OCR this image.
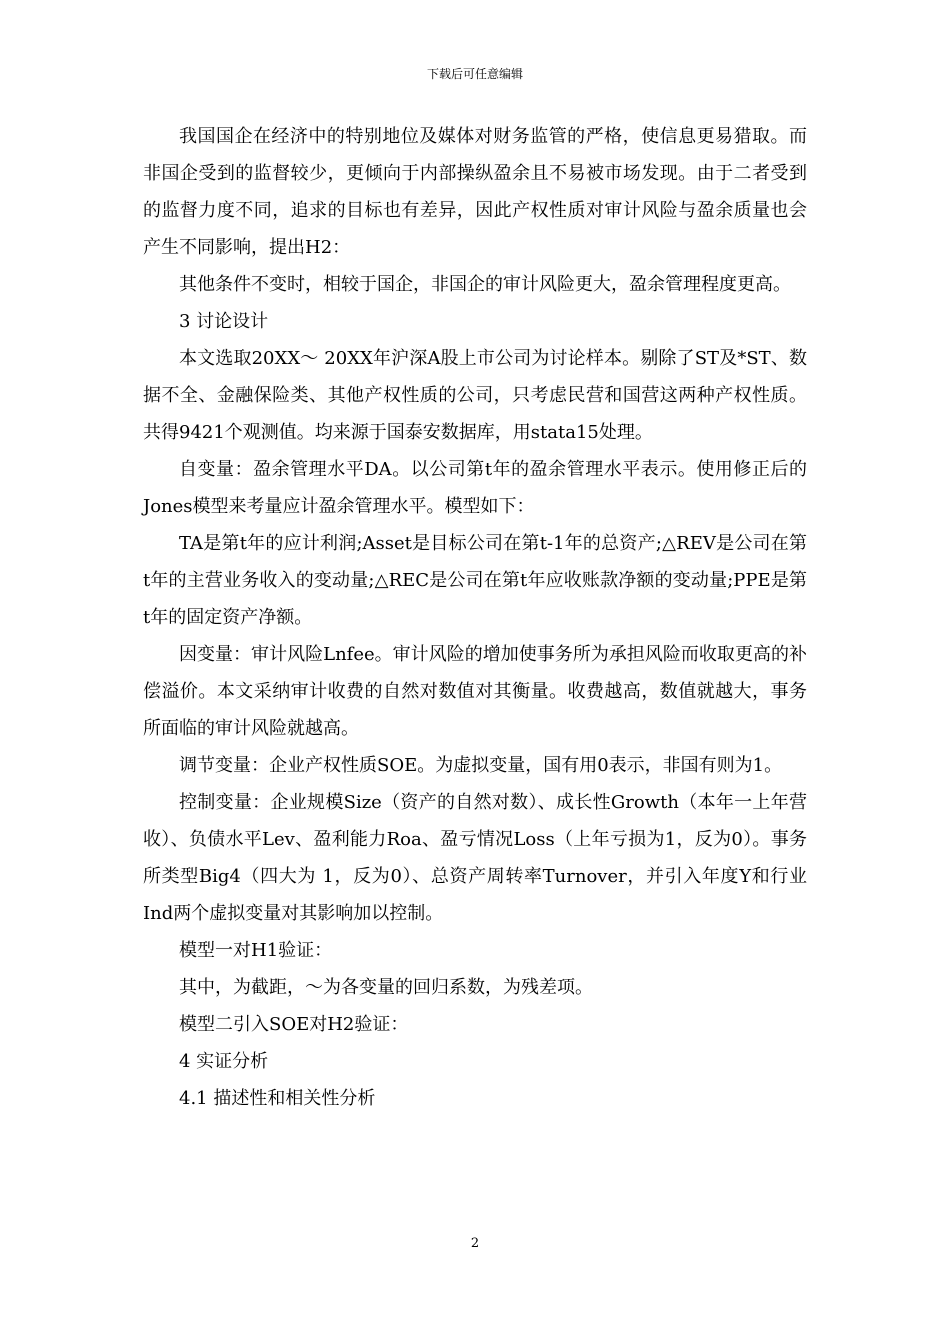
下载后可任意编辑

我国国企在经济中的特别地位及媒体对财务监管的严格，使信息更易猎取。而非国企受到的监督较少，更倾向于内部操纵盈余且不易被市场发现。由于二者受到的监督力度不同，追求的目标也有差异，因此产权性质对审计风险与盈余质量也会产生不同影响，提出H2：

其他条件不变时，相较于国企，非国企的审计风险更大，盈余管理程度更高。

3 讨论设计

本文选取20XX～ 20XX年沪深A股上市公司为讨论样本。剔除了ST及*ST、数据不全、金融保险类、其他产权性质的公司，只考虑民营和国营这两种产权性质。共得9421个观测值。均来源于国泰安数据库，用stata15处理。

自变量：盈余管理水平DA。以公司第t年的盈余管理水平表示。使用修正后的Jones模型来考量应计盈余管理水平。模型如下：

TA是第t年的应计利润;Asset是目标公司在第t-1年的总资产;△REV是公司在第t年的主营业务收入的变动量;△REC是公司在第t年应收账款净额的变动量;PPE是第t年的固定资产净额。

因变量：审计风险Lnfee。审计风险的增加使事务所为承担风险而收取更高的补偿溢价。本文采纳审计收费的自然对数值对其衡量。收费越高，数值就越大，事务所面临的审计风险就越高。

调节变量：企业产权性质SOE。为虚拟变量，国有用0表示，非国有则为1。

控制变量：企业规模Size（资产的自然对数）、成长性Growth（本年一上年营收）、负债水平Lev、盈利能力Roa、盈亏情况Loss（上年亏损为1，反为0）。事务所类型Big4（四大为 1，反为0）、总资产周转率Turnover，并引入年度Y和行业Ind两个虚拟变量对其影响加以控制。

模型一对H1验证：

其中，为截距，～为各变量的回归系数，为残差项。

模型二引入SOE对H2验证：

4 实证分析

4.1 描述性和相关性分析

2
